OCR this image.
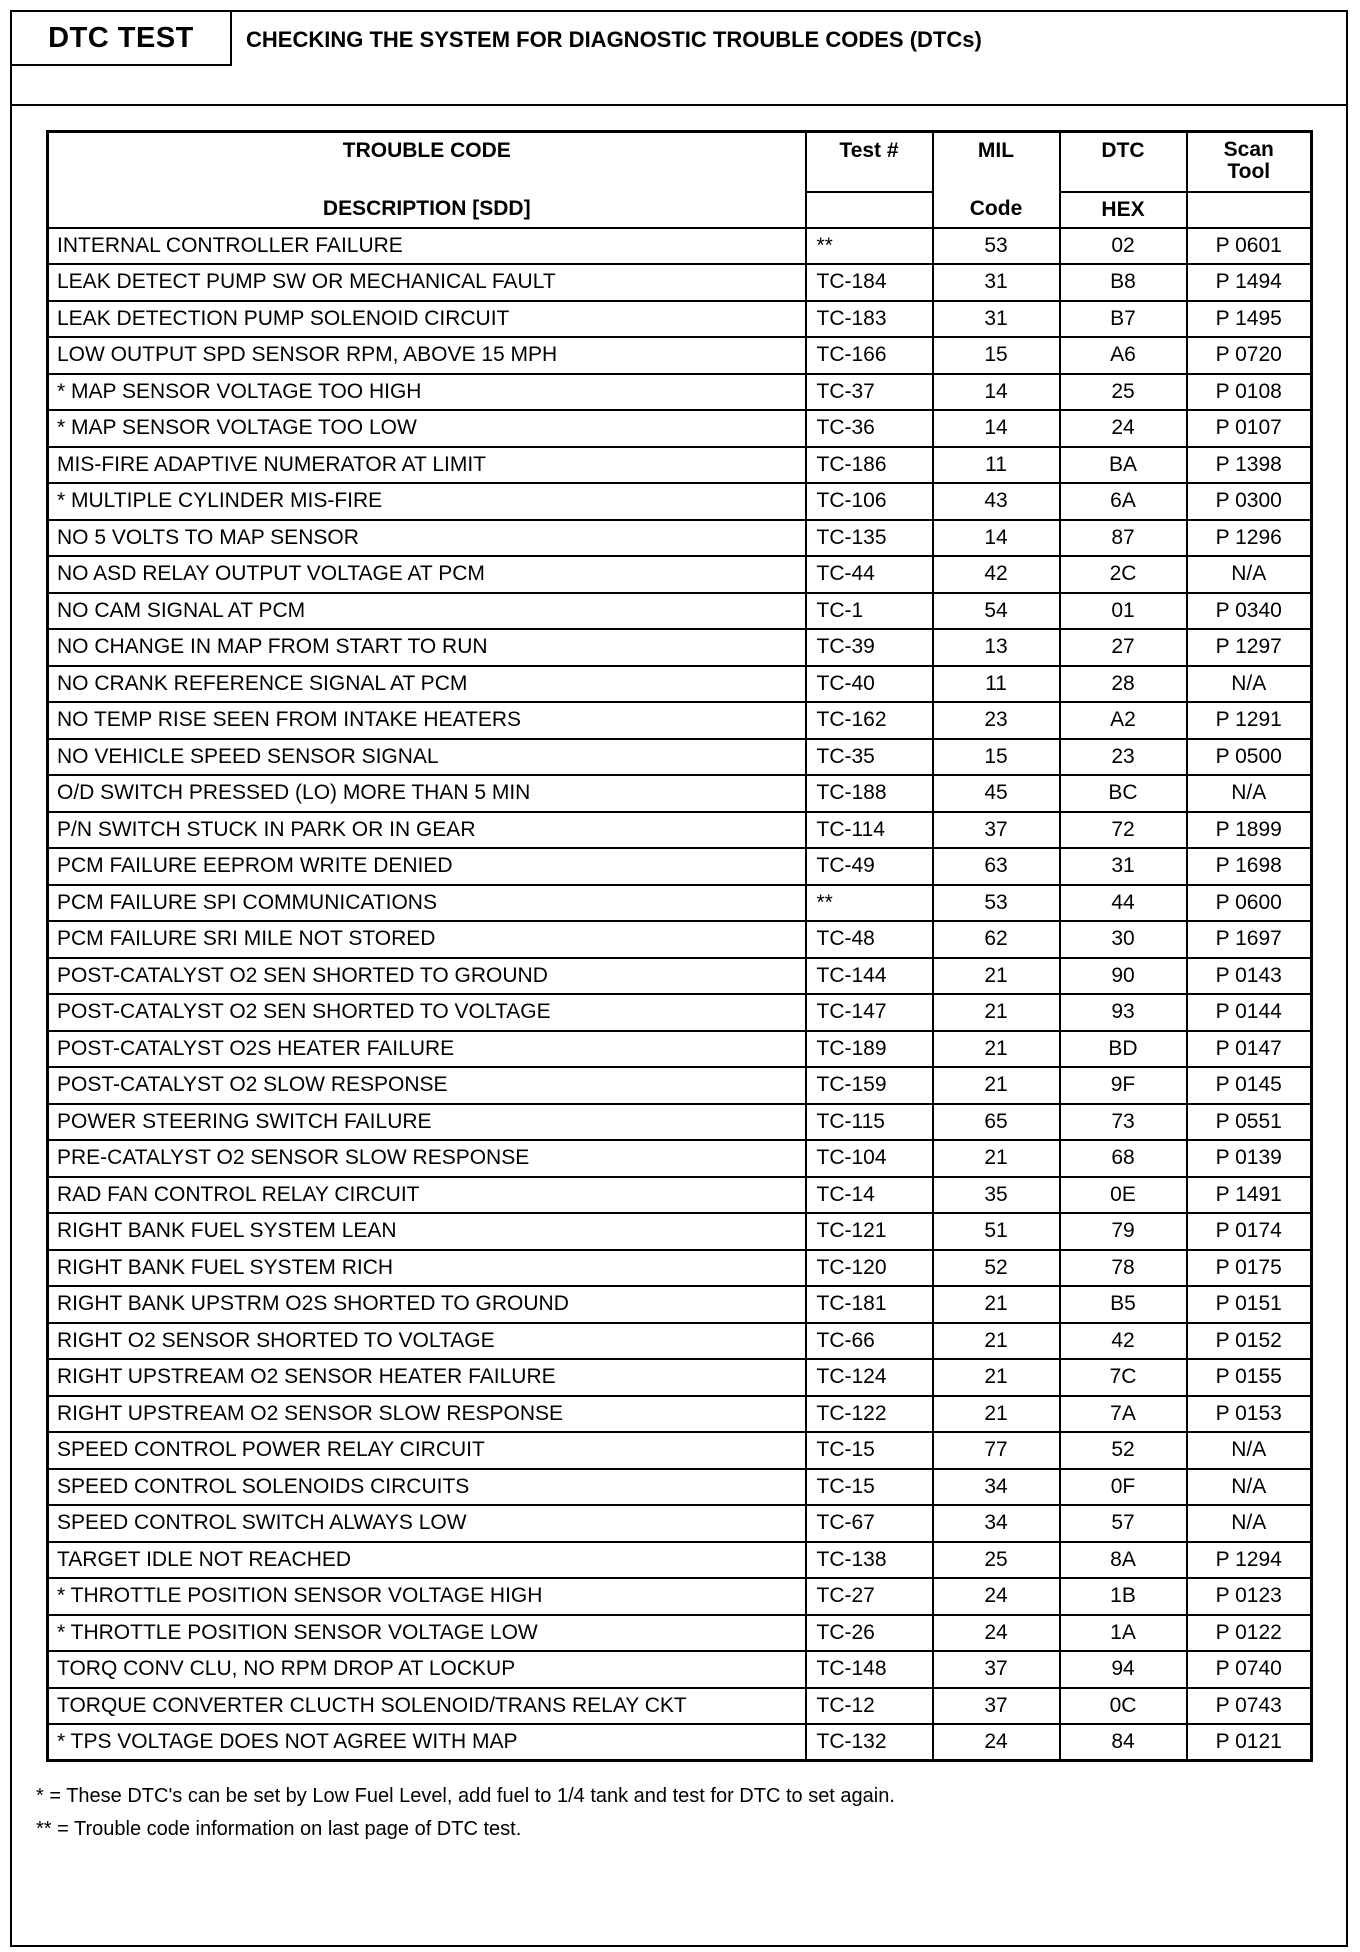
DTC TEST	CHECKING THE SYSTEM FOR DIAGNOSTIC TROUBLE CODES (DTCs)
TROUBLE CODE	Test #	MIL	DTC	Scan
Tool

DESCRIPTION [SDD]		Code	HEX	
INTERNAL CONTROLLER FAILURE	**	53	02	P 0601
LEAK DETECT PUMP SW OR MECHANICAL FAULT	TC-184	31	B8	P 1494
LEAK DETECTION PUMP SOLENOID CIRCUIT	TC-183	31	B7	P 1495
LOW OUTPUT SPD SENSOR RPM, ABOVE 15 MPH	TC-166	15	A6	P 0720
* MAP SENSOR VOLTAGE TOO HIGH	TC-37	14	25	P 0108
* MAP SENSOR VOLTAGE TOO LOW	TC-36	14	24	P 0107
MIS-FIRE ADAPTIVE NUMERATOR AT LIMIT	TC-186	11	BA	P 1398
* MULTIPLE CYLINDER MIS-FIRE	TC-106	43	6A	P 0300
NO 5 VOLTS TO MAP SENSOR	TC-135	14	87	P 1296
NO ASD RELAY OUTPUT VOLTAGE AT PCM	TC-44	42	2C	N/A
NO CAM SIGNAL AT PCM	TC-1	54	01	P 0340
NO CHANGE IN MAP FROM START TO RUN	TC-39	13	27	P 1297
NO CRANK REFERENCE SIGNAL AT PCM	TC-40	11	28	N/A
NO TEMP RISE SEEN FROM INTAKE HEATERS	TC-162	23	A2	P 1291
NO VEHICLE SPEED SENSOR SIGNAL	TC-35	15	23	P 0500
O/D SWITCH PRESSED (LO) MORE THAN 5 MIN	TC-188	45	BC	N/A
P/N SWITCH STUCK IN PARK OR IN GEAR	TC-114	37	72	P 1899
PCM FAILURE EEPROM WRITE DENIED	TC-49	63	31	P 1698
PCM FAILURE SPI COMMUNICATIONS	**	53	44	P 0600
PCM FAILURE SRI MILE NOT STORED	TC-48	62	30	P 1697
POST-CATALYST O2 SEN SHORTED TO GROUND	TC-144	21	90	P 0143
POST-CATALYST O2 SEN SHORTED TO VOLTAGE	TC-147	21	93	P 0144
POST-CATALYST O2S HEATER FAILURE	TC-189	21	BD	P 0147
POST-CATALYST O2 SLOW RESPONSE	TC-159	21	9F	P 0145
POWER STEERING SWITCH FAILURE	TC-115	65	73	P 0551
PRE-CATALYST O2 SENSOR SLOW RESPONSE	TC-104	21	68	P 0139
RAD FAN CONTROL RELAY CIRCUIT	TC-14	35	0E	P 1491
RIGHT BANK FUEL SYSTEM LEAN	TC-121	51	79	P 0174
RIGHT BANK FUEL SYSTEM RICH	TC-120	52	78	P 0175
RIGHT BANK UPSTRM O2S SHORTED TO GROUND	TC-181	21	B5	P 0151
RIGHT O2 SENSOR SHORTED TO VOLTAGE	TC-66	21	42	P 0152
RIGHT UPSTREAM O2 SENSOR HEATER FAILURE	TC-124	21	7C	P 0155
RIGHT UPSTREAM O2 SENSOR SLOW RESPONSE	TC-122	21	7A	P 0153
SPEED CONTROL POWER RELAY CIRCUIT	TC-15	77	52	N/A
SPEED CONTROL SOLENOIDS CIRCUITS	TC-15	34	0F	N/A
SPEED CONTROL SWITCH ALWAYS LOW	TC-67	34	57	N/A
TARGET IDLE NOT REACHED	TC-138	25	8A	P 1294
* THROTTLE POSITION SENSOR VOLTAGE HIGH	TC-27	24	1B	P 0123
* THROTTLE POSITION SENSOR VOLTAGE LOW	TC-26	24	1A	P 0122
TORQ CONV CLU, NO RPM DROP AT LOCKUP	TC-148	37	94	P 0740
TORQUE CONVERTER CLUCTH SOLENOID/TRANS RELAY CKT	TC-12	37	0C	P 0743
* TPS VOLTAGE DOES NOT AGREE WITH MAP	TC-132	24	84	P 0121
* = These DTC's can be set by Low Fuel Level, add fuel to 1/4 tank and test for DTC to set again.
** = Trouble code information on last page of DTC test.
